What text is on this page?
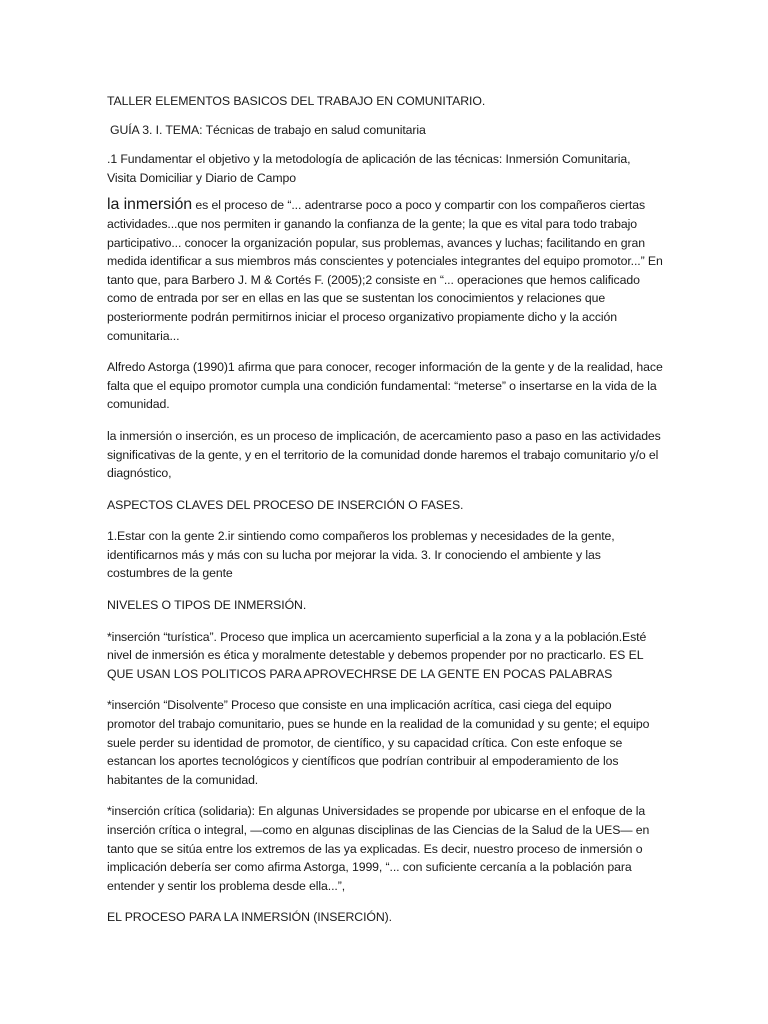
TALLER ELEMENTOS BASICOS DEL TRABAJO EN COMUNITARIO.

GUÍA 3. I. TEMA: Técnicas de trabajo en salud comunitaria

.1 Fundamentar el objetivo y la metodología de aplicación de las técnicas: Inmersión Comunitaria, Visita Domiciliar y Diario de Campo

la inmersión es el proceso de “... adentrarse poco a poco y compartir con los compañeros ciertas actividades...que nos permiten ir ganando la confianza de la gente; la que es vital para todo trabajo participativo... conocer la organización popular, sus problemas, avances y luchas; facilitando en gran medida identificar a sus miembros más conscientes y potenciales integrantes del equipo promotor...” En tanto que, para Barbero J. M & Cortés F. (2005);2 consiste en “... operaciones que hemos calificado como de entrada por ser en ellas en las que se sustentan los conocimientos y relaciones que posteriormente podrán permitirnos iniciar el proceso organizativo propiamente dicho y la acción comunitaria...

Alfredo Astorga (1990)1 afirma que para conocer, recoger información de la gente y de la realidad, hace falta que el equipo promotor cumpla una condición fundamental: “meterse” o insertarse en la vida de la comunidad.

la inmersión o inserción, es un proceso de implicación, de acercamiento paso a paso en las actividades significativas de la gente, y en el territorio de la comunidad donde haremos el trabajo comunitario y/o el diagnóstico,

ASPECTOS CLAVES DEL PROCESO DE INSERCIÓN O FASES.

1.Estar con la gente 2.ir sintiendo como compañeros los problemas y necesidades de la gente, identificarnos más y más con su lucha por mejorar la vida. 3. Ir conociendo el ambiente y las costumbres de la gente

NIVELES O TIPOS DE INMERSIÓN.

*inserción “turística”. Proceso que implica un acercamiento superficial a la zona y a la población.Esté nivel de inmersión es ética y moralmente detestable y debemos propender por no practicarlo. ES EL QUE USAN LOS POLITICOS PARA APROVECHRSE DE LA GENTE EN POCAS PALABRAS

*inserción “Disolvente” Proceso que consiste en una implicación acrítica, casi ciega del equipo promotor del trabajo comunitario, pues se hunde en la realidad de la comunidad y su gente; el equipo suele perder su identidad de promotor, de científico, y su capacidad crítica. Con este enfoque se estancan los aportes tecnológicos y científicos que podrían contribuir al empoderamiento de los habitantes de la comunidad.

*inserción crítica (solidaria): En algunas Universidades se propende por ubicarse en el enfoque de la inserción crítica o integral, —como en algunas disciplinas de las Ciencias de la Salud de la UES— en tanto que se sitúa entre los extremos de las ya explicadas. Es decir, nuestro proceso de inmersión o implicación debería ser como afirma Astorga, 1999, “... con suficiente cercanía a la población para entender y sentir los problema desde ella...”,

EL PROCESO PARA LA INMERSIÓN (INSERCIÓN).
